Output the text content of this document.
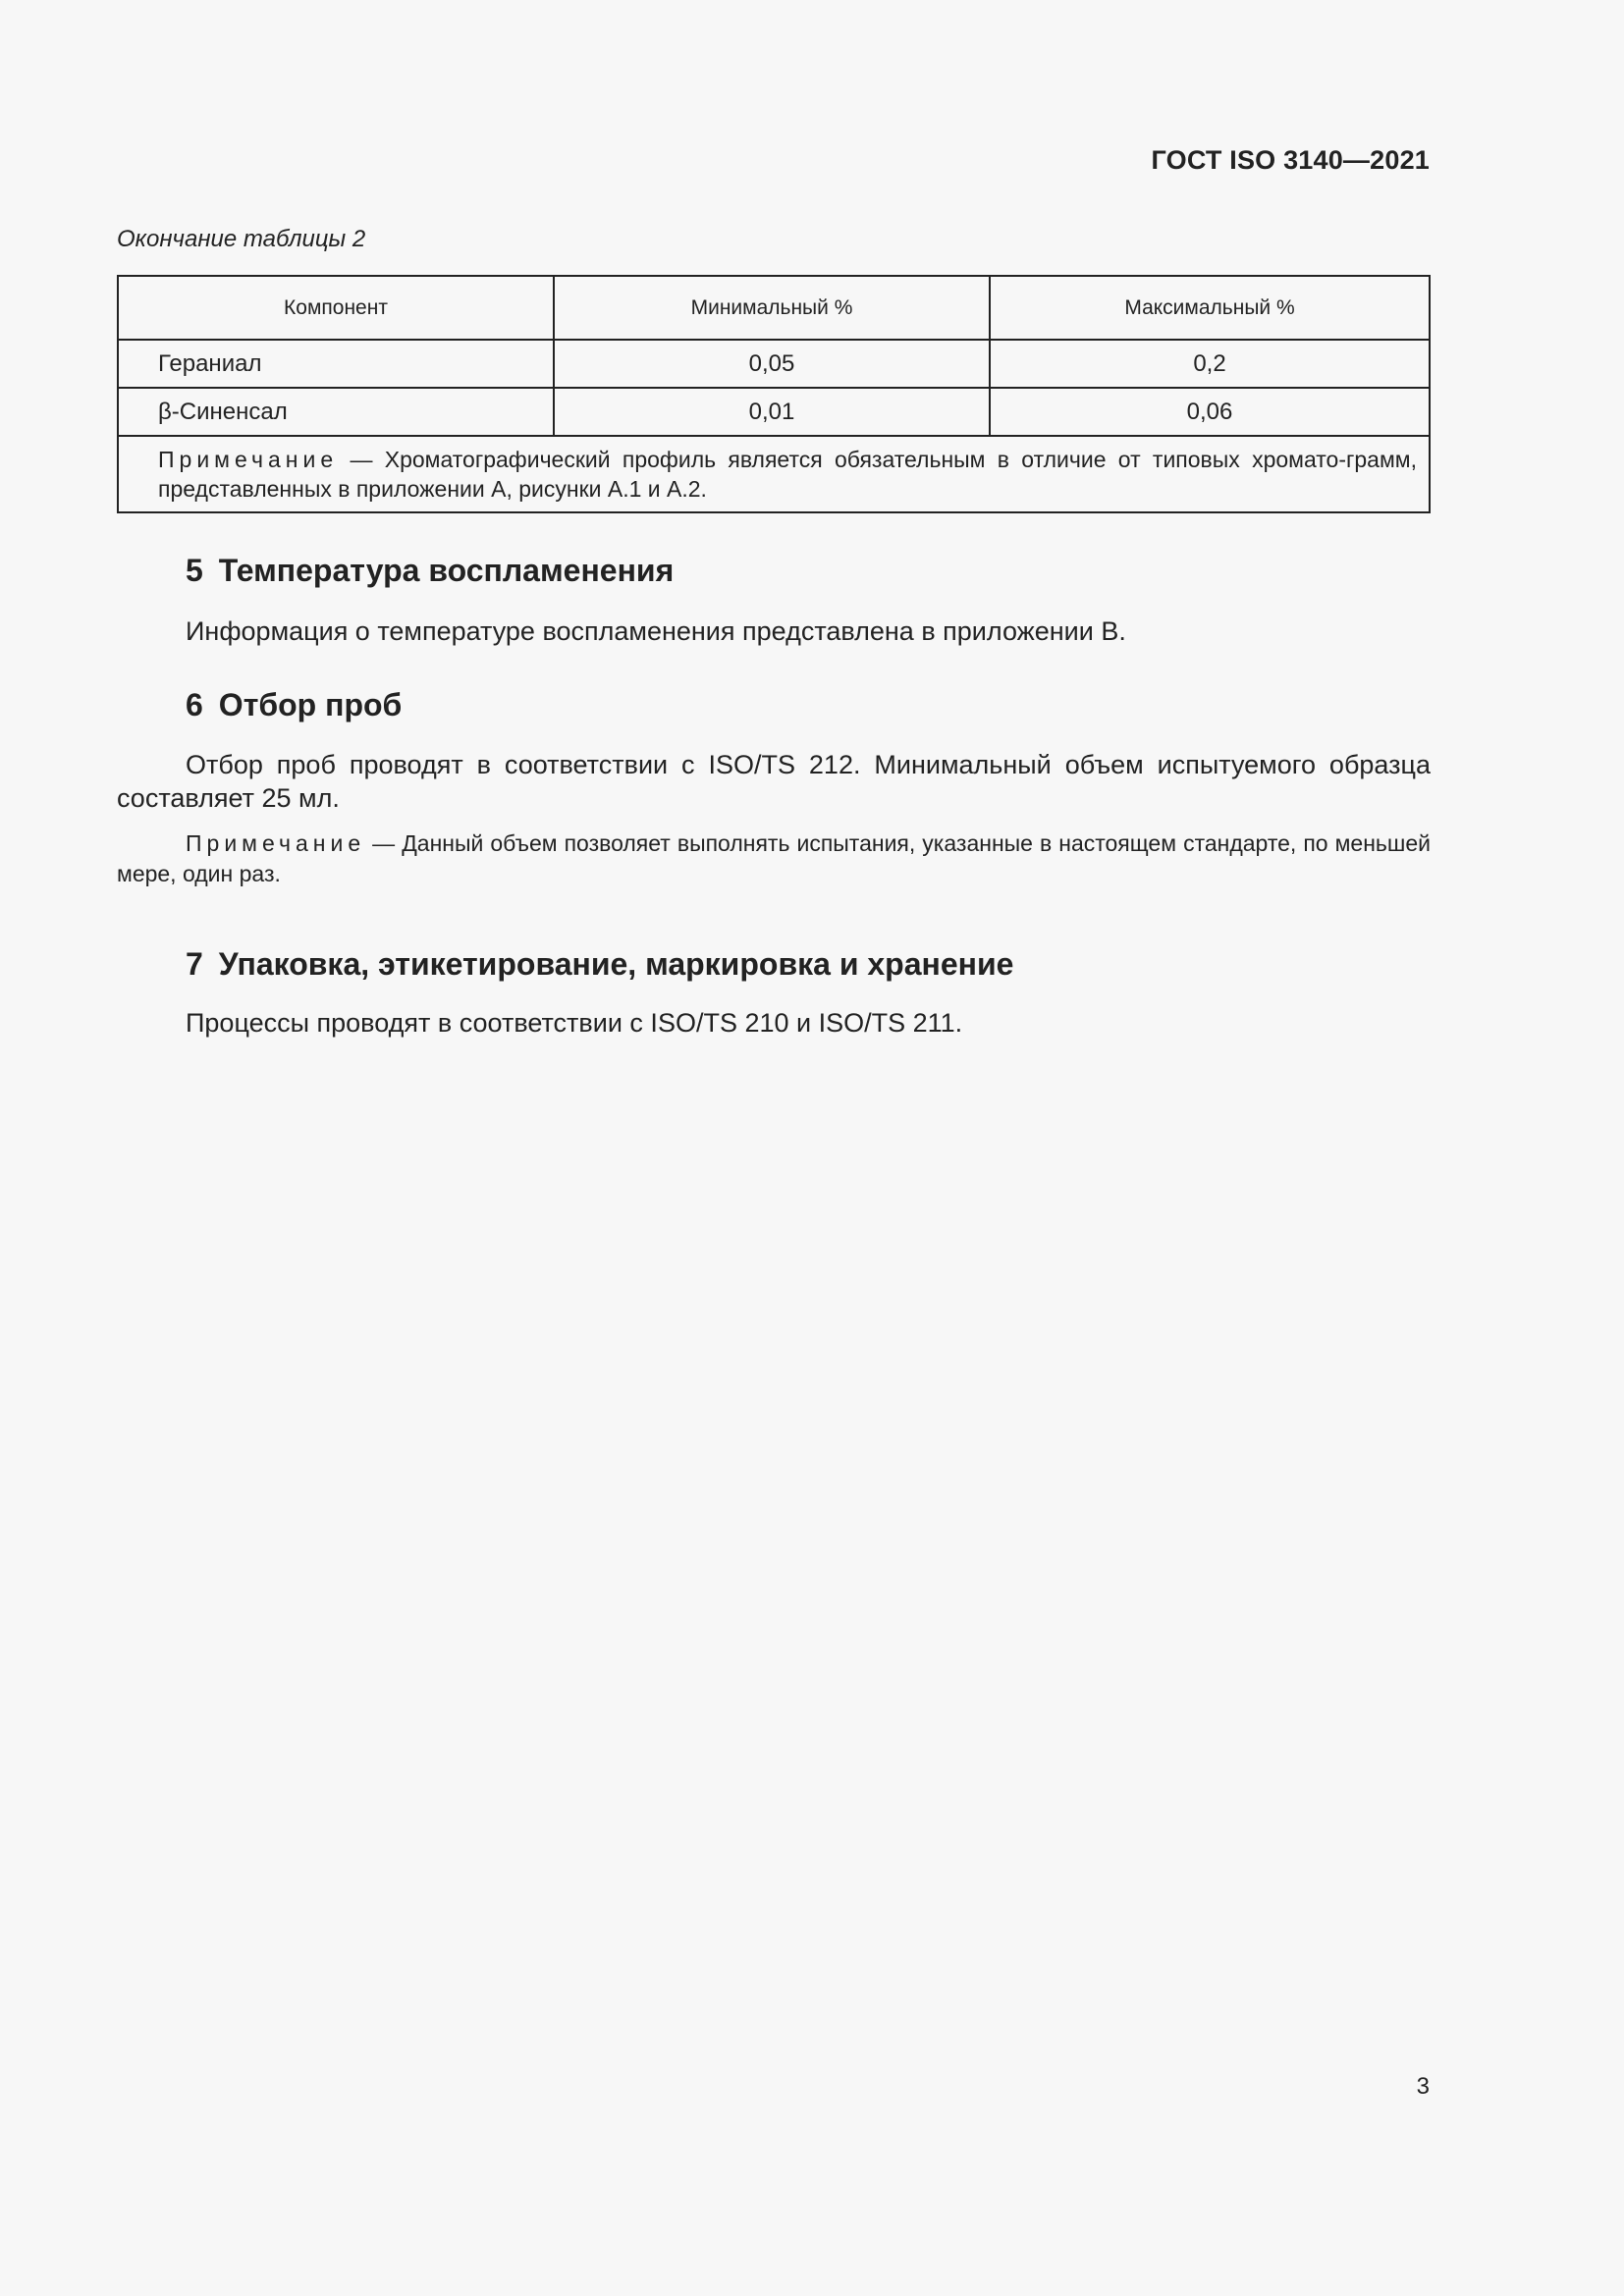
ГОСТ ISO 3140—2021
Окончание таблицы 2
Компонент	Минимальный %	Максимальный %
Гераниал	0,05	0,2
β-Синенсал	0,01	0,06

Примечание — Хроматографический профиль является обязательным в отличие от типовых хромато-грамм, представленных в приложении А, рисунки А.1 и А.2.		
5 Температура воспламенения
Информация о температуре воспламенения представлена в приложении В.
6 Отбор проб
Отбор проб проводят в соответствии с ISO/TS 212. Минимальный объем испытуемого образца составляет 25 мл.
Примечание — Данный объем позволяет выполнять испытания, указанные в настоящем стандарте, по меньшей мере, один раз.
7 Упаковка, этикетирование, маркировка и хранение
Процессы проводят в соответствии с ISO/TS 210 и ISO/TS 211.
3
